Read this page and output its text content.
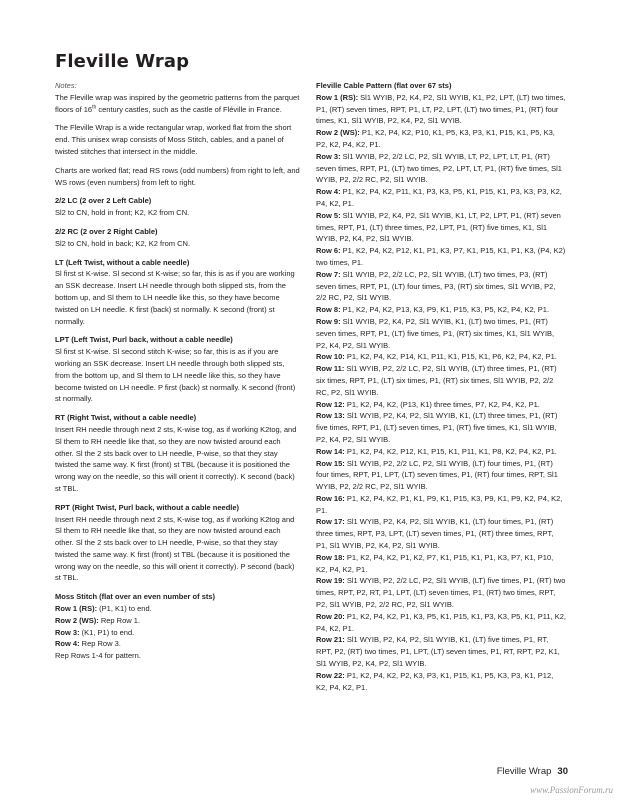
Fleville Wrap

Notes:

The Fleville wrap was inspired by the geometric patterns from the parquet floors of 16th century castles, such as the castle of Fléville in France.

The Fleville Wrap is a wide rectangular wrap, worked flat from the short end. This unisex wrap consists of Moss Stitch, cables, and a panel of twisted stitches that intersect in the middle.

Charts are worked flat; read RS rows (odd numbers) from right to left, and WS rows (even numbers) from left to right.

2/2 LC (2 over 2 Left Cable)

Sl2 to CN, hold in front; K2, K2 from CN.

2/2 RC (2 over 2 Right Cable)

Sl2 to CN, hold in back; K2, K2 from CN.

LT (Left Twist, without a cable needle)

Sl first st K-wise. Sl second st K-wise; so far, this is as if you are working an SSK decrease. Insert LH needle through both slipped sts, from the bottom up, and Sl them to LH needle like this, so they have become twisted on LH needle. K first (back) st normally. K second (front) st normally.

LPT (Left Twist, Purl back, without a cable needle)

Sl first st K-wise. Sl second stitch K-wise; so far, this is as if you are working an SSK decrease. Insert LH needle through both slipped sts, from the bottom up, and Sl them to LH needle like this, so they have become twisted on LH needle. P first (back) st normally. K second (front) st normally.

RT (Right Twist, without a cable needle)

Insert RH needle through next 2 sts, K-wise tog, as if working K2tog, and Sl them to RH needle like that, so they are now twisted around each other. Sl the 2 sts back over to LH needle, P-wise, so that they stay twisted the same way. K first (front) st TBL (because it is positioned the wrong way on the needle, so this will orient it correctly). K second (back) st TBL.

RPT (Right Twist, Purl back, without a cable needle)

Insert RH needle through next 2 sts, K-wise tog, as if working K2tog and Sl them to RH needle like that, so they are now twisted around each other. Sl the 2 sts back over to LH needle, P-wise, so that they stay twisted the same way. K first (front) st TBL (because it is positioned the wrong way on the needle, so this will orient it correctly). P second (back) st TBL.

Moss Stitch (flat over an even number of sts)

Row 1 (RS): (P1, K1) to end.

Row 2 (WS): Rep Row 1.

Row 3: (K1, P1) to end.

Row 4: Rep Row 3.

Rep Rows 1-4 for pattern.

Fleville Cable Pattern (flat over 67 sts)

Row 1 (RS): Sl1 WYIB, P2, K4, P2, Sl1 WYIB, K1, P2, LPT, (LT) two times, P1, (RT) seven times, RPT, P1, LT, P2, LPT, (LT) two times, P1, (RT) four times, K1, Sl1 WYIB, P2, K4, P2, Sl1 WYIB.

Row 2 (WS): P1, K2, P4, K2, P10, K1, P5, K3, P3, K1, P15, K1, P5, K3, P2, K2, P4, K2, P1.

Row 3: Sl1 WYIB, P2, 2/2 LC, P2, Sl1 WYIB, LT, P2, LPT, LT, P1, (RT) seven times, RPT, P1, (LT) two times, P2, LPT, LT, P1, (RT) five times, Sl1 WYIB, P2, 2/2 RC, P2, Sl1 WYIB.

Row 4: P1, K2, P4, K2, P11, K1, P3, K3, P5, K1, P15, K1, P3, K3, P3, K2, P4, K2, P1.

Row 5: Sl1 WYIB, P2, K4, P2, Sl1 WYIB, K1, LT, P2, LPT, P1, (RT) seven times, RPT, P1, (LT) three times, P2, LPT, P1, (RT) five times, K1, Sl1 WYIB, P2, K4, P2, Sl1 WYIB.

Row 6: P1, K2, P4, K2, P12, K1, P1, K3, P7, K1, P15, K1, P1, K3, (P4, K2) two times, P1.

Row 7: Sl1 WYIB, P2, 2/2 LC, P2, Sl1 WYIB, (LT) two times, P3, (RT) seven times, RPT, P1, (LT) four times, P3, (RT) six times, Sl1 WYIB, P2, 2/2 RC, P2, Sl1 WYIB.

Row 8: P1, K2, P4, K2, P13, K3, P9, K1, P15, K3, P5, K2, P4, K2, P1.

Row 9: Sl1 WYIB, P2, K4, P2, Sl1 WYIB, K1, (LT) two times, P1, (RT) seven times, RPT, P1, (LT) five times, P1, (RT) six times, K1, Sl1 WYIB, P2, K4, P2, Sl1 WYIB.

Row 10: P1, K2, P4, K2, P14, K1, P11, K1, P15, K1, P6, K2, P4, K2, P1.

Row 11: Sl1 WYIB, P2, 2/2 LC, P2, Sl1 WYIB, (LT) three times, P1, (RT) six times, RPT, P1, (LT) six times, P1, (RT) six times, Sl1 WYIB, P2, 2/2 RC, P2, Sl1 WYIB.

Row 12: P1, K2, P4, K2, (P13, K1) three times, P7, K2, P4, K2, P1.

Row 13: Sl1 WYIB, P2, K4, P2, Sl1 WYIB, K1, (LT) three times, P1, (RT) five times, RPT, P1, (LT) seven times, P1, (RT) five times, K1, Sl1 WYIB, P2, K4, P2, Sl1 WYIB.

Row 14: P1, K2, P4, K2, P12, K1, P15, K1, P11, K1, P8, K2, P4, K2, P1.

Row 15: Sl1 WYIB, P2, 2/2 LC, P2, Sl1 WYIB, (LT) four times, P1, (RT) four times, RPT, P1, LPT, (LT) seven times, P1, (RT) four times, RPT, Sl1 WYIB, P2, 2/2 RC, P2, Sl1 WYIB.

Row 16: P1, K2, P4, K2, P1, K1, P9, K1, P15, K3, P9, K1, P9, K2, P4, K2, P1.

Row 17: Sl1 WYIB, P2, K4, P2, Sl1 WYIB, K1, (LT) four times, P1, (RT) three times, RPT, P3, LPT, (LT) seven times, P1, (RT) three times, RPT, P1, Sl1 WYIB, P2, K4, P2, Sl1 WYIB.

Row 18: P1, K2, P4, K2, P1, K2, P7, K1, P15, K1, P1, K3, P7, K1, P10, K2, P4, K2, P1.

Row 19: Sl1 WYIB, P2, 2/2 LC, P2, Sl1 WYIB, (LT) five times, P1, (RT) two times, RPT, P2, RT, P1, LPT, (LT) seven times, P1, (RT) two times, RPT, P2, Sl1 WYIB, P2, 2/2 RC, P2, Sl1 WYIB.

Row 20: P1, K2, P4, K2, P1, K3, P5, K1, P15, K1, P3, K3, P5, K1, P11, K2, P4, K2, P1.

Row 21: Sl1 WYIB, P2, K4, P2, Sl1 WYIB, K1, (LT) five times, P1, RT, RPT, P2, (RT) two times, P1, LPT, (LT) seven times, P1, RT, RPT, P2, K1, Sl1 WYIB, P2, K4, P2, Sl1 WYIB.

Row 22: P1, K2, P4, K2, P2, K3, P3, K1, P15, K1, P5, K3, P3, K1, P12, K2, P4, K2, P1.

Fleville Wrap 30
www.PassionForum.ru
